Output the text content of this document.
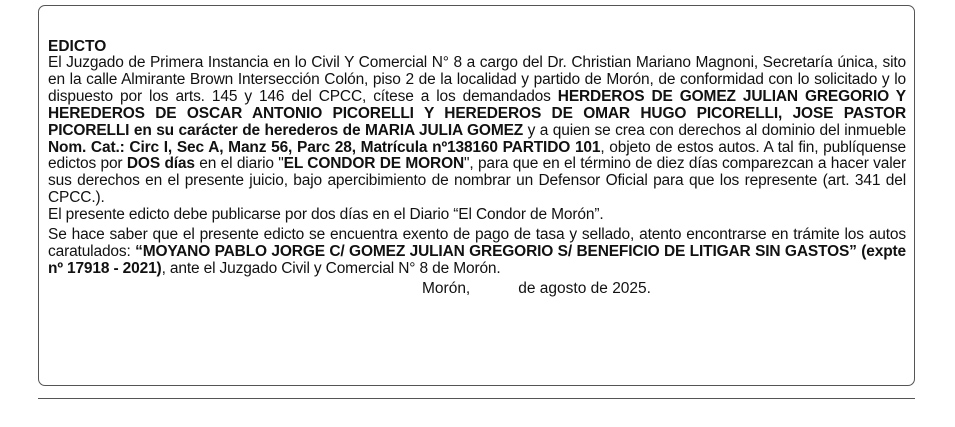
EDICTO

El Juzgado de Primera Instancia en lo Civil Y Comercial N° 8 a cargo del Dr. Christian Mariano Magnoni, Secretaría única, sito en la calle Almirante Brown Intersección Colón, piso 2 de la localidad y partido de Morón, de conformidad con lo solicitado y lo dispuesto por los arts. 145 y 146 del CPCC, cítese a los demandados HERDEROS DE GOMEZ JULIAN GREGORIO Y HEREDEROS DE OSCAR ANTONIO PICORELLI Y HEREDEROS DE OMAR HUGO PICORELLI, JOSE PASTOR PICORELLI en su carácter de herederos de MARIA JULIA GOMEZ y a quien se crea con derechos al dominio del inmueble Nom. Cat.: Circ I, Sec A, Manz 56, Parc 28, Matrícula nº138160 PARTIDO 101, objeto de estos autos. A tal fin, publíquense edictos por DOS días en el diario "EL CONDOR DE MORON", para que en el término de diez días comparezcan a hacer valer sus derechos en el presente juicio, bajo apercibimiento de nombrar un Defensor Oficial para que los represente (art. 341 del CPCC.).

El presente edicto debe publicarse por dos días en el Diario “El Condor de Morón”.

Se hace saber que el presente edicto se encuentra exento de pago de tasa y sellado, atento encontrarse en trámite los autos caratulados: “MOYANO PABLO JORGE C/ GOMEZ JULIAN GREGORIO S/ BENEFICIO DE LITIGAR SIN GASTOS” (expte nº 17918 - 2021), ante el Juzgado Civil y Comercial N° 8 de Morón.

Morón,	de agosto de 2025.
